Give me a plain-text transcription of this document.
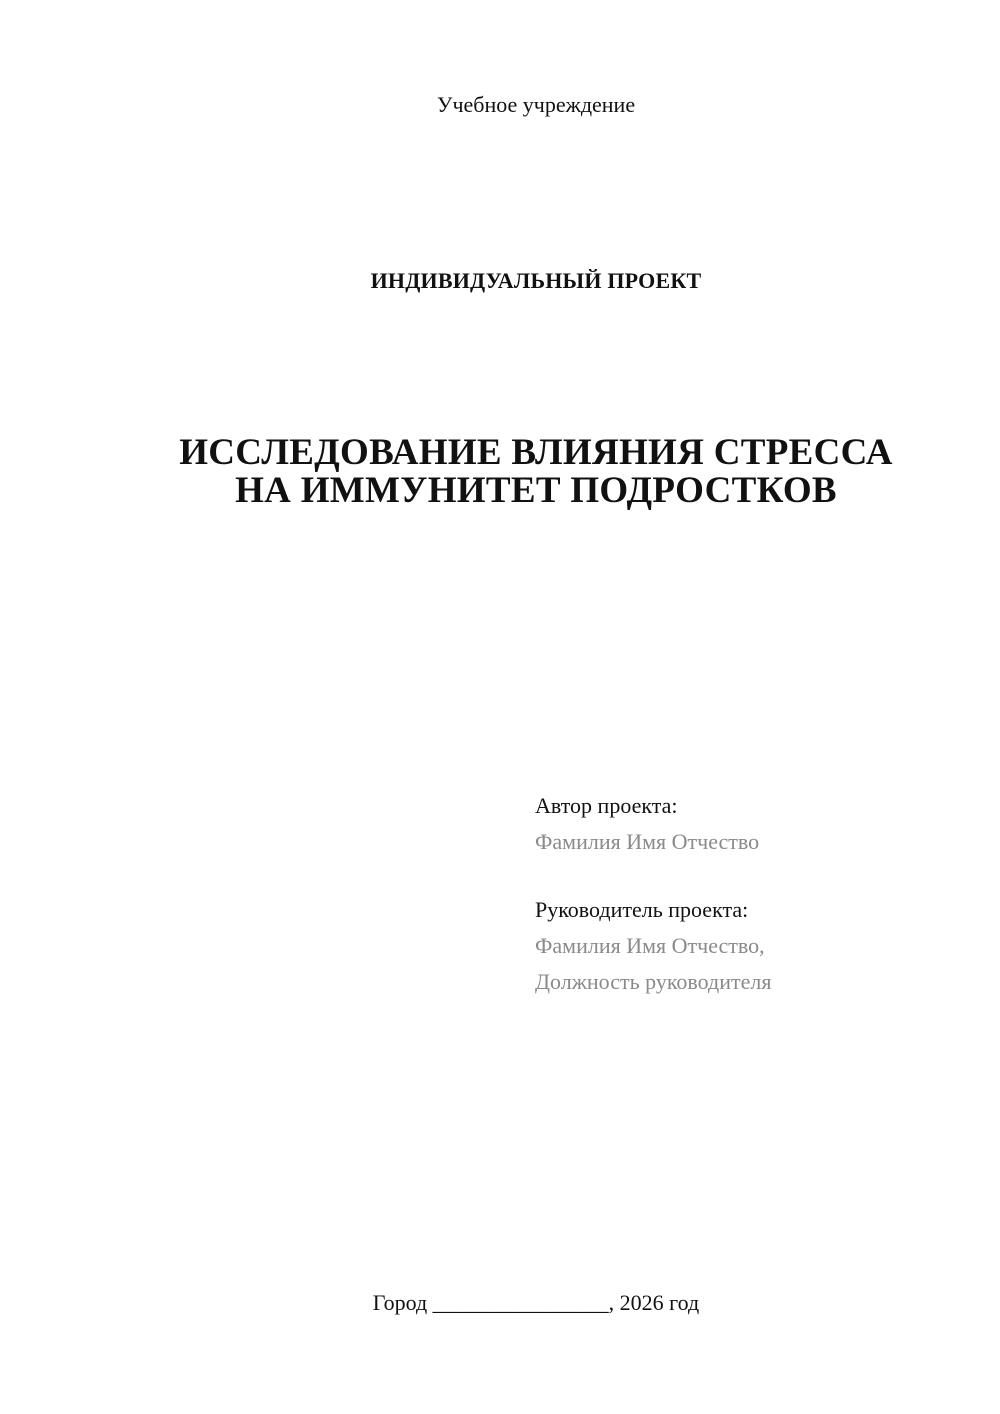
Учебное учреждение
ИНДИВИДУАЛЬНЫЙ ПРОЕКТ
ИССЛЕДОВАНИЕ ВЛИЯНИЯ СТРЕССА
НА ИММУНИТЕТ ПОДРОСТКОВ
Автор проекта:
Фамилия Имя Отчество
Руководитель проекта:
Фамилия Имя Отчество,
Должность руководителя
Город ________________, 2026 год
